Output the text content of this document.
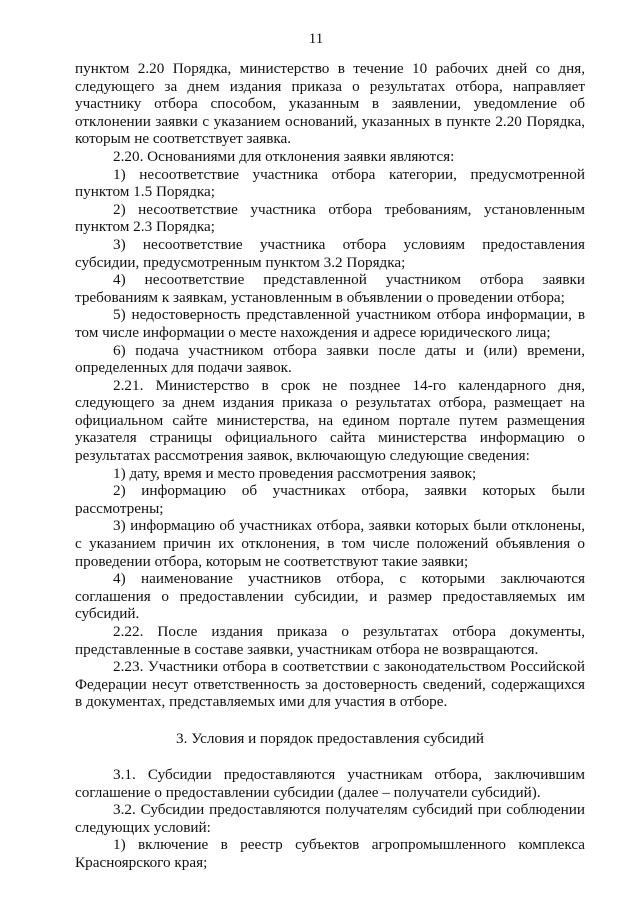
11

пунктом 2.20 Порядка, министерство в течение 10 рабочих дней со дня, следующего за днем издания приказа о результатах отбора, направляет участнику отбора способом, указанным в заявлении, уведомление об отклонении заявки с указанием оснований, указанных в пункте 2.20 Порядка, которым не соответствует заявка.

2.20. Основаниями для отклонения заявки являются:

1) несоответствие участника отбора категории, предусмотренной пунктом 1.5 Порядка;

2) несоответствие участника отбора требованиям, установленным пунктом 2.3 Порядка;

3) несоответствие участника отбора условиям предоставления субсидии, предусмотренным пунктом 3.2 Порядка;

4) несоответствие представленной участником отбора заявки требованиям к заявкам, установленным в объявлении о проведении отбора;

5) недостоверность представленной участником отбора информации, в том числе информации о месте нахождения и адресе юридического лица;

6) подача участником отбора заявки после даты и (или) времени, определенных для подачи заявок.

2.21. Министерство в срок не позднее 14-го календарного дня, следующего за днем издания приказа о результатах отбора, размещает на официальном сайте министерства, на едином портале путем размещения указателя страницы официального сайта министерства информацию о результатах рассмотрения заявок, включающую следующие сведения:

1) дату, время и место проведения рассмотрения заявок;

2) информацию об участниках отбора, заявки которых были рассмотрены;

3) информацию об участниках отбора, заявки которых были отклонены, с указанием причин их отклонения, в том числе положений объявления о проведении отбора, которым не соответствуют такие заявки;

4) наименование участников отбора, с которыми заключаются соглашения о предоставлении субсидии, и размер предоставляемых им субсидий.

2.22. После издания приказа о результатах отбора документы, представленные в составе заявки, участникам отбора не возвращаются.

2.23. Участники отбора в соответствии с законодательством Российской Федерации несут ответственность за достоверность сведений, содержащихся в документах, представляемых ими для участия в отборе.

3. Условия и порядок предоставления субсидий

3.1. Субсидии предоставляются участникам отбора, заключившим соглашение о предоставлении субсидии (далее – получатели субсидий).

3.2. Субсидии предоставляются получателям субсидий при соблюдении следующих условий:

1) включение в реестр субъектов агропромышленного комплекса Красноярского края;
